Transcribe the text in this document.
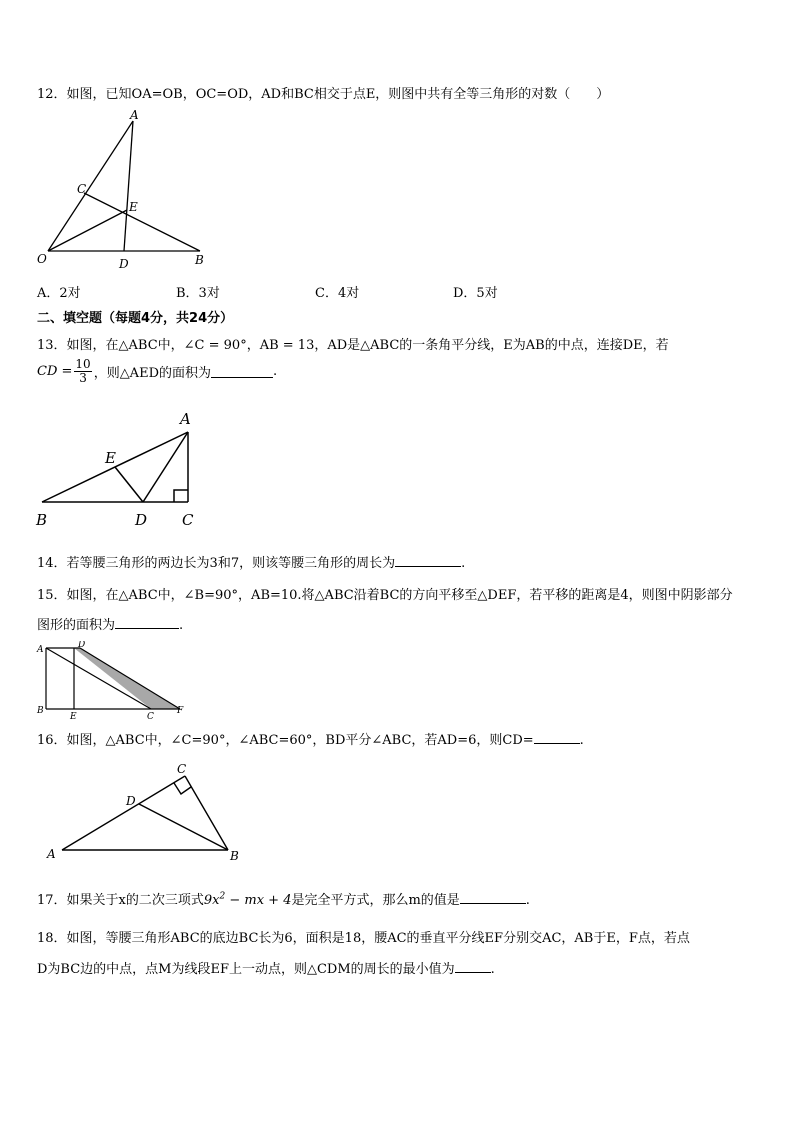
12．如图，已知OA=OB，OC=OD，AD和BC相交于点E，则图中共有全等三角形的对数（　　）
A
C
E
O	D	B
A．2对	B．3对	C．4对	D．5对
二、填空题（每题4分，共24分）
13．如图，在△ABC中，∠C = 90°，AB = 13，AD是△ABC的一条角平分线，E为AB的中点，连接DE，若
CD = $\frac{10}{3}$ ，则△AED的面积为	.
A
E
B	D C
14．若等腰三角形的两边长为3和7，则该等腰三角形的周长为	.
15．如图，在△ABC中，∠B=90°，AB=10.将△ABC沿着BC的方向平移至△DEF，若平移的距离是4，则图中阴影部分
图形的面积为	.
A	D
B
E	C
F
16．如图，△ABC中，∠C=90°，∠ABC=60°，BD平分∠ABC，若AD=6，则CD=	.
C
D
A	B
17．如果关于x的二次三项式$9x^2$ − mx + 4是完全平方式，那么m的值是	.
18．如图，等腰三角形ABC的底边BC长为6，面积是18，腰AC的垂直平分线EF分别交AC，AB于E，F点，若点
D为BC边的中点，点M为线段EF上一动点，则△CDM的周长的最小值为	.
